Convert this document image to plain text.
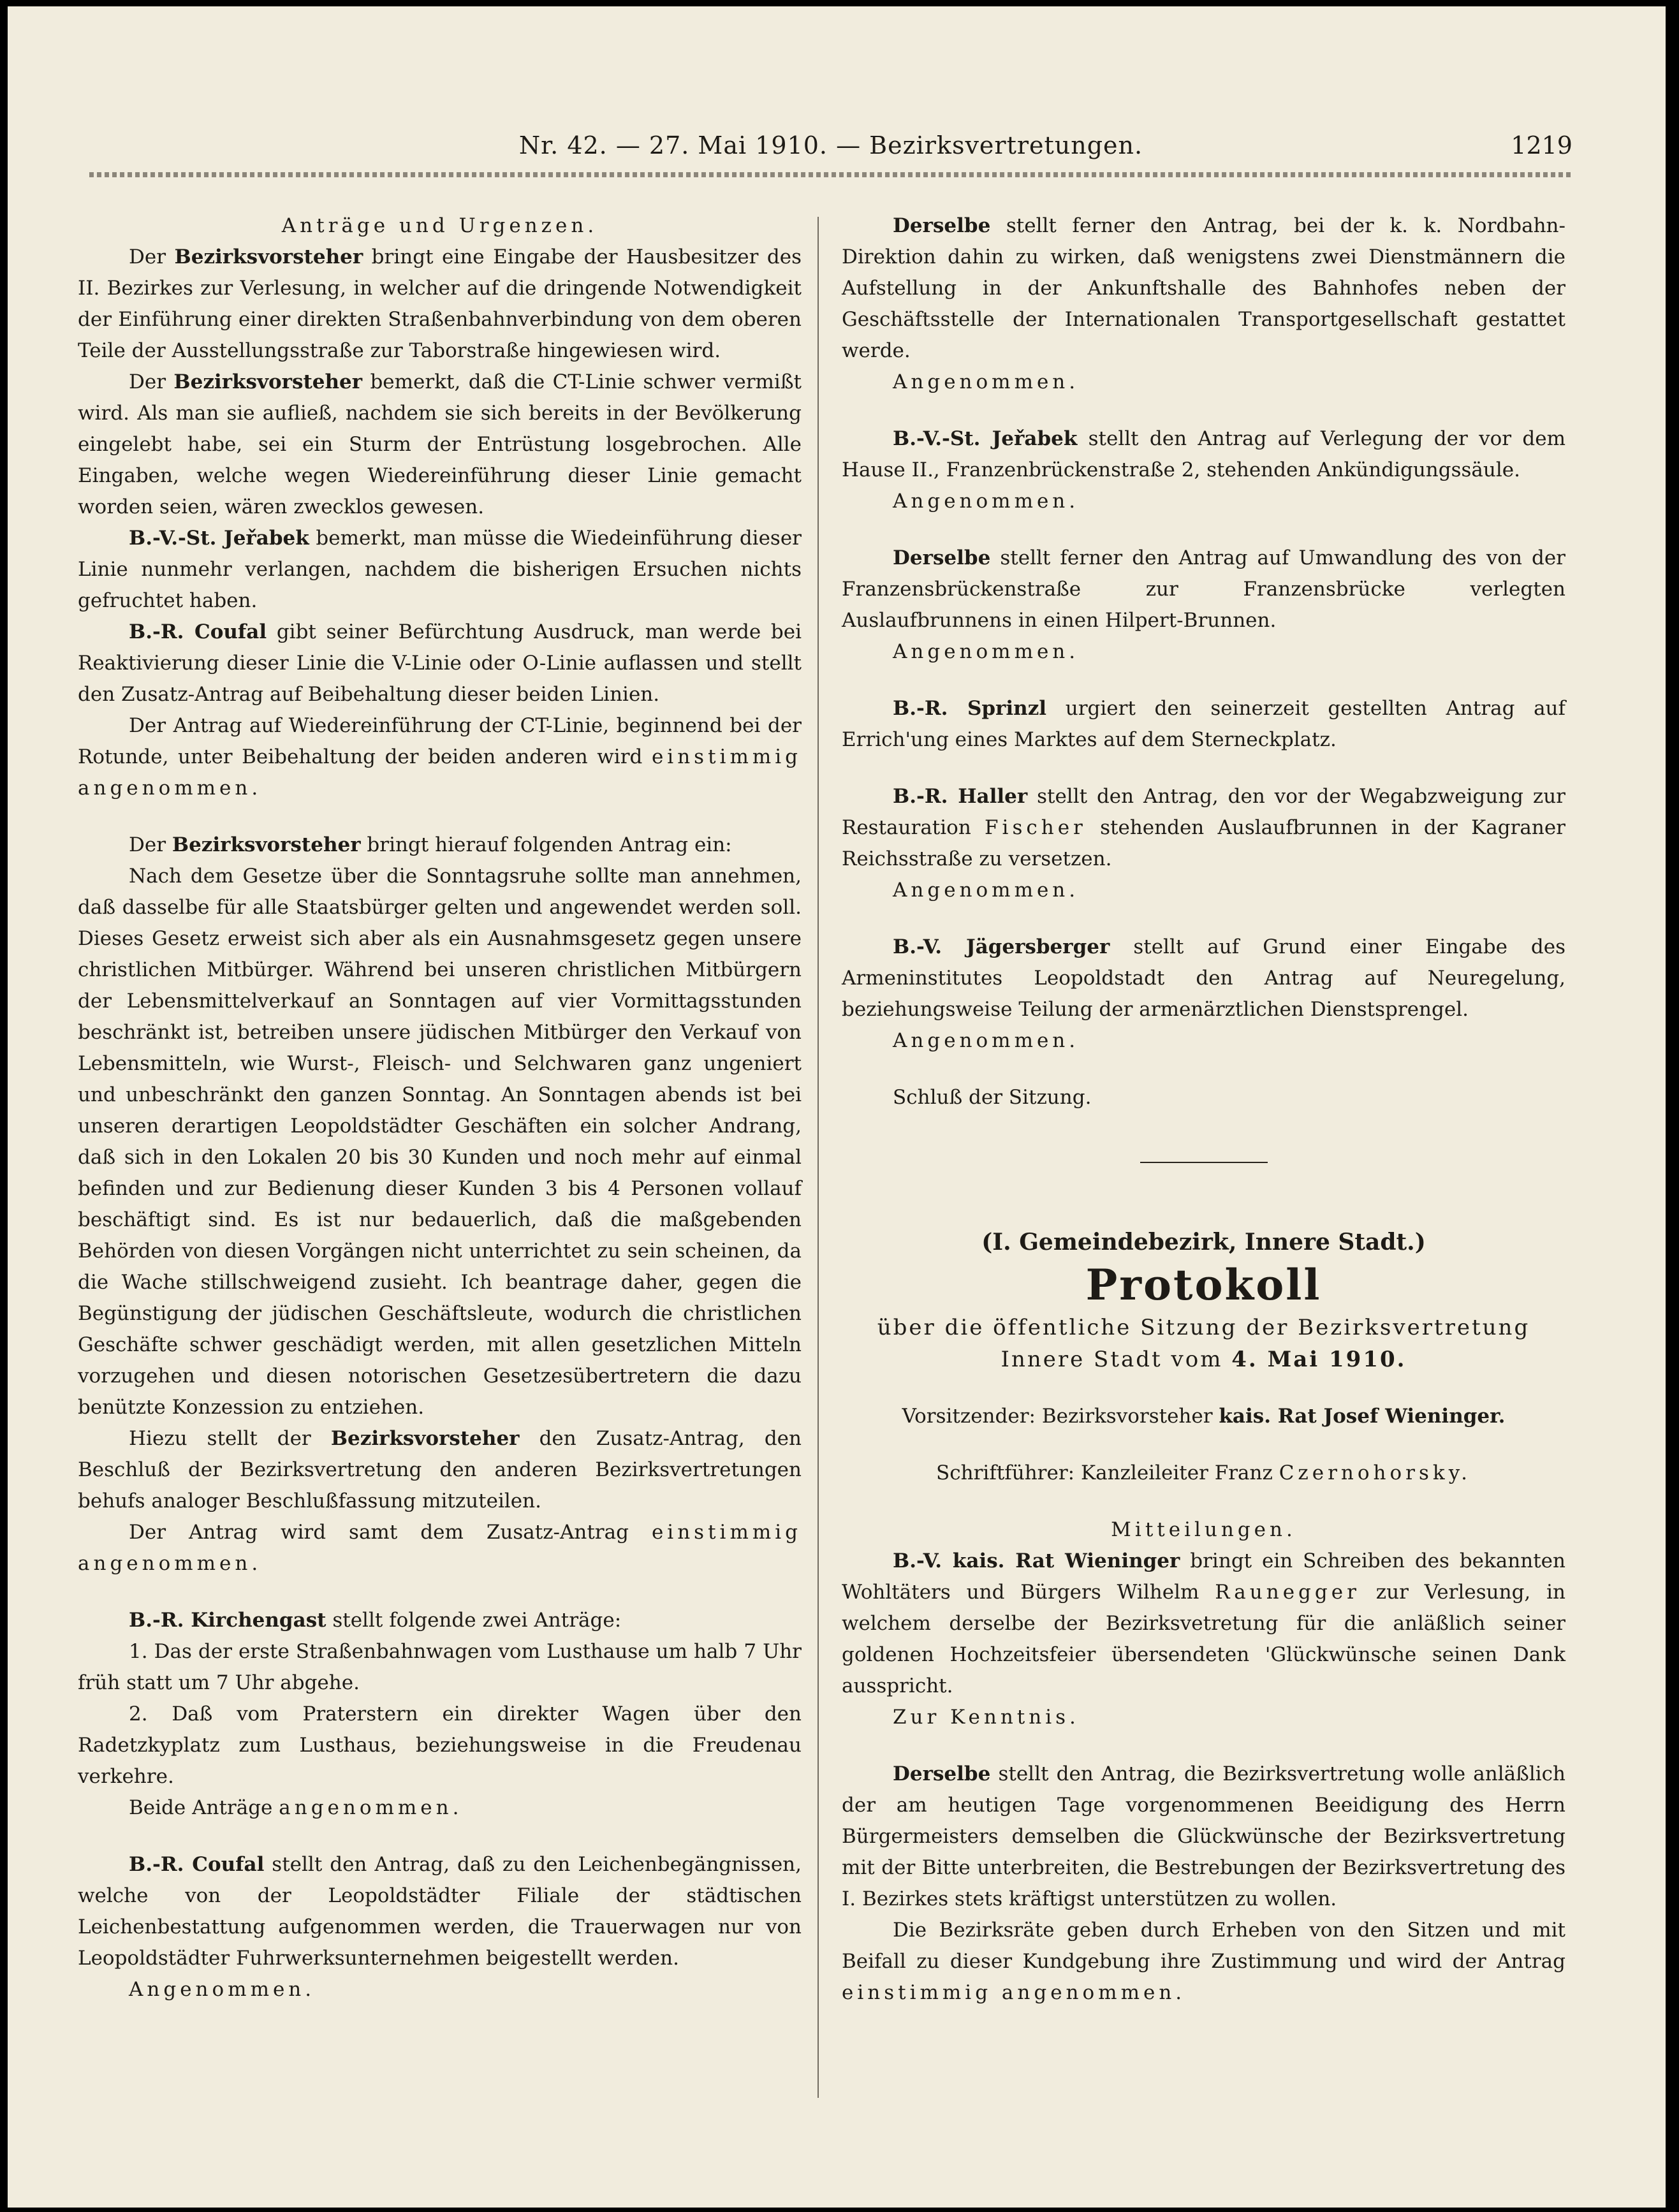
Nr. 42. — 27. Mai 1910. — Bezirksvertretungen.	1219

Anträge und Urgenzen.

Der Bezirksvorsteher bringt eine Eingabe der Hausbesitzer des II. Bezirkes zur Verlesung, in welcher auf die dringende Notwendigkeit der Einführung einer direkten Straßenbahnverbindung von dem oberen Teile der Ausstellungsstraße zur Taborstraße hingewiesen wird.

Der Bezirksvorsteher bemerkt, daß die CT-Linie schwer vermißt wird. Als man sie aufließ, nachdem sie sich bereits in der Bevölkerung eingelebt habe, sei ein Sturm der Entrüstung losgebrochen. Alle Eingaben, welche wegen Wiedereinführung dieser Linie gemacht worden seien, wären zwecklos gewesen.

B.-V.-St. Jeřabek bemerkt, man müsse die Wiedeinführung dieser Linie nunmehr verlangen, nachdem die bisherigen Ersuchen nichts gefruchtet haben.

B.-R. Coufal gibt seiner Befürchtung Ausdruck, man werde bei Reaktivierung dieser Linie die V-Linie oder O-Linie auflassen und stellt den Zusatz-Antrag auf Beibehaltung dieser beiden Linien.

Der Antrag auf Wiedereinführung der CT-Linie, beginnend bei der Rotunde, unter Beibehaltung der beiden anderen wird einstimmig angenommen.

Der Bezirksvorsteher bringt hierauf folgenden Antrag ein:

Nach dem Gesetze über die Sonntagsruhe sollte man annehmen, daß dasselbe für alle Staatsbürger gelten und angewendet werden soll. Dieses Gesetz erweist sich aber als ein Ausnahmsgesetz gegen unsere christlichen Mitbürger. Während bei unseren christlichen Mitbürgern der Lebensmittelverkauf an Sonntagen auf vier Vormittagsstunden beschränkt ist, betreiben unsere jüdischen Mitbürger den Verkauf von Lebensmitteln, wie Wurst-, Fleisch- und Selchwaren ganz ungeniert und unbeschränkt den ganzen Sonntag. An Sonntagen abends ist bei unseren derartigen Leopoldstädter Geschäften ein solcher Andrang, daß sich in den Lokalen 20 bis 30 Kunden und noch mehr auf einmal befinden und zur Bedienung dieser Kunden 3 bis 4 Personen vollauf beschäftigt sind. Es ist nur bedauerlich, daß die maßgebenden Behörden von diesen Vorgängen nicht unterrichtet zu sein scheinen, da die Wache stillschweigend zusieht. Ich beantrage daher, gegen die Begünstigung der jüdischen Geschäftsleute, wodurch die christlichen Geschäfte schwer geschädigt werden, mit allen gesetzlichen Mitteln vorzugehen und diesen notorischen Gesetzesübertretern die dazu benützte Konzession zu entziehen.

Hiezu stellt der Bezirksvorsteher den Zusatz-Antrag, den Beschluß der Bezirksvertretung den anderen Bezirksvertretungen behufs analoger Beschlußfassung mitzuteilen.

Der Antrag wird samt dem Zusatz-Antrag einstimmig angenommen.

B.-R. Kirchengast stellt folgende zwei Anträge:

1. Das der erste Straßenbahnwagen vom Lusthause um halb 7 Uhr früh statt um 7 Uhr abgehe.

2. Daß vom Praterstern ein direkter Wagen über den Radetzkyplatz zum Lusthaus, beziehungsweise in die Freudenau verkehre.

Beide Anträge angenommen.

B.-R. Coufal stellt den Antrag, daß zu den Leichenbegängnissen, welche von der Leopoldstädter Filiale der städtischen Leichenbestattung aufgenommen werden, die Trauerwagen nur von Leopoldstädter Fuhrwerksunternehmen beigestellt werden.

Angenommen.

Derselbe stellt ferner den Antrag, bei der k. k. Nordbahn-Direktion dahin zu wirken, daß wenigstens zwei Dienstmännern die Aufstellung in der Ankunftshalle des Bahnhofes neben der Geschäftsstelle der Internationalen Transportgesellschaft gestattet werde.

Angenommen.

B.-V.-St. Jeřabek stellt den Antrag auf Verlegung der vor dem Hause II., Franzenbrückenstraße 2, stehenden Ankündigungssäule.

Angenommen.

Derselbe stellt ferner den Antrag auf Umwandlung des von der Franzensbrückenstraße zur Franzensbrücke verlegten Auslaufbrunnens in einen Hilpert-Brunnen.

Angenommen.

B.-R. Sprinzl urgiert den seinerzeit gestellten Antrag auf Errich'ung eines Marktes auf dem Sterneckplatz.

B.-R. Haller stellt den Antrag, den vor der Wegabzweigung zur Restauration Fischer stehenden Auslaufbrunnen in der Kagraner Reichsstraße zu versetzen.

Angenommen.

B.-V. Jägersberger stellt auf Grund einer Eingabe des Armeninstitutes Leopoldstadt den Antrag auf Neuregelung, beziehungsweise Teilung der armenärztlichen Dienstsprengel.

Angenommen.

Schluß der Sitzung.

(I. Gemeindebezirk, Innere Stadt.)

Protokoll

über die öffentliche Sitzung der Bezirksvertretung

Innere Stadt vom 4. Mai 1910.

Vorsitzender: Bezirksvorsteher kais. Rat Josef Wieninger.

Schriftführer: Kanzleileiter Franz Czernohorsky.

Mitteilungen.

B.-V. kais. Rat Wieninger bringt ein Schreiben des bekannten Wohltäters und Bürgers Wilhelm Raunegger zur Verlesung, in welchem derselbe der Bezirksvetretung für die anläßlich seiner goldenen Hochzeitsfeier übersendeten 'Glückwünsche seinen Dank ausspricht.

Zur Kenntnis.

Derselbe stellt den Antrag, die Bezirksvertretung wolle anläßlich der am heutigen Tage vorgenommenen Beeidigung des Herrn Bürgermeisters demselben die Glückwünsche der Bezirksvertretung mit der Bitte unterbreiten, die Bestrebungen der Bezirksvertretung des I. Bezirkes stets kräftigst unterstützen zu wollen.

Die Bezirksräte geben durch Erheben von den Sitzen und mit Beifall zu dieser Kundgebung ihre Zustimmung und wird der Antrag einstimmig angenommen.
